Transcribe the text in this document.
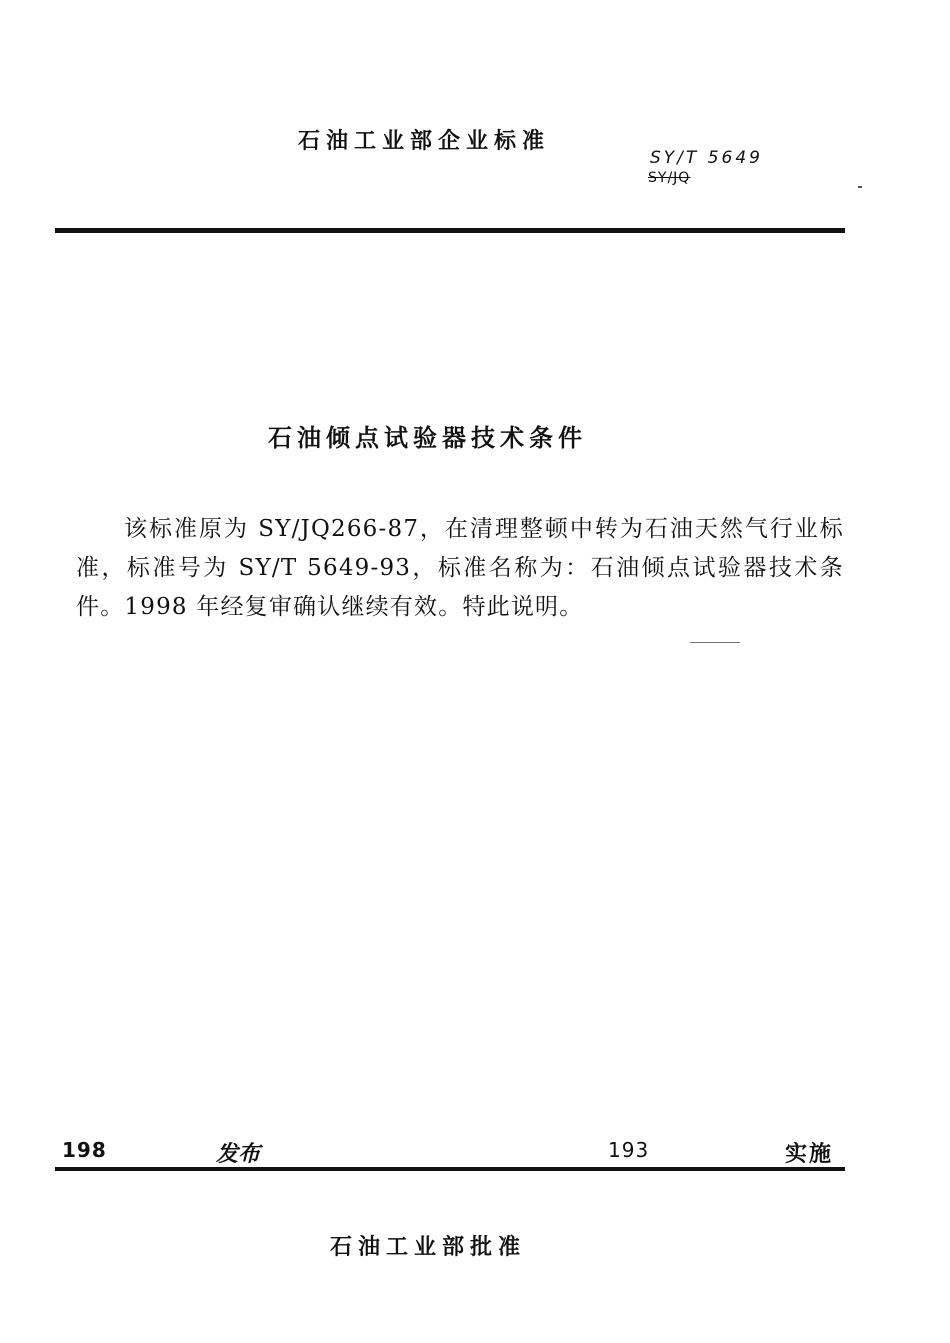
石油工业部企业标准
SY/T 5649
SY/JQ
石油倾点试验器技术条件

该标准原为 SY/JQ266-87，在清理整顿中转为石油天然气行业标准，标准号为 SY/T 5649-93，标准名称为：石油倾点试验器技术条件。1998 年经复审确认继续有效。特此说明。

198	发布	193	实施
石油工业部批准
